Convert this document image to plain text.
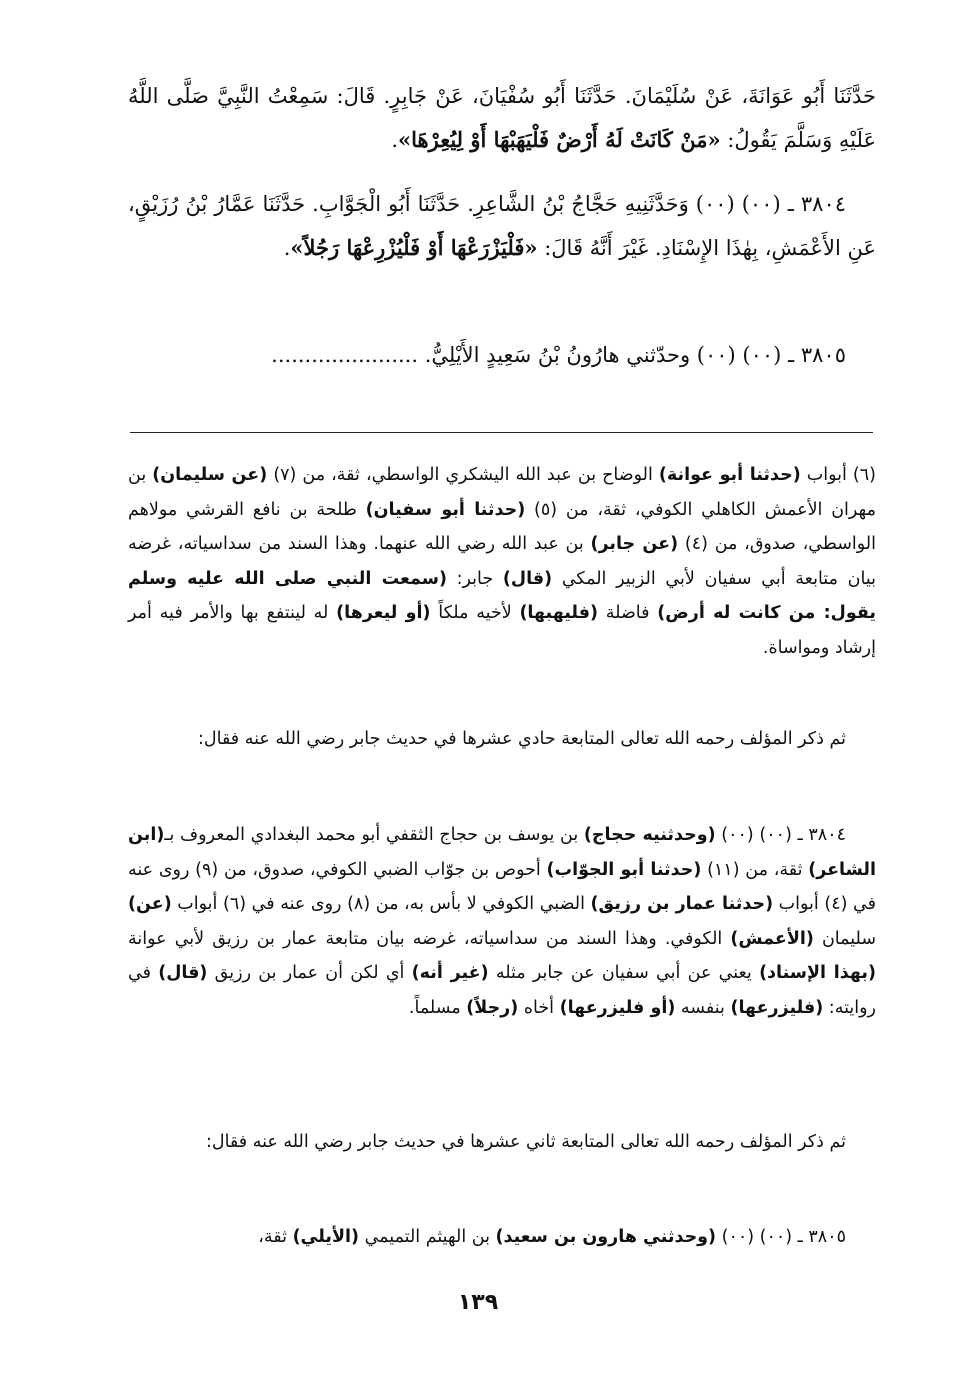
حَدَّثَنَا أَبُو عَوَانَةَ، عَنْ سُلَيْمَانَ. حَدَّثَنَا أَبُو سُفْيَانَ، عَنْ جَابِرٍ. قَالَ: سَمِعْتُ النَّبِيَّ صَلَّى اللَّهُ عَلَيْهِ وَسَلَّمَ يَقُولُ: «مَنْ كَانَتْ لَهُ أَرْضٌ فَلْيَهَبْهَا أَوْ لِيُعِرْهَا».
٣٨٠٤ ـ (٠٠) (٠٠) وَحَدَّثَنِيهِ حَجَّاجُ بْنُ الشَّاعِرِ. حَدَّثَنَا أَبُو الْجَوَّابِ. حَدَّثَنَا عَمَّارُ بْنُ رُزَيْقٍ، عَنِ الأَعْمَشِ، بِهٰذَا الإِسْنَادِ. غَيْرَ أَنَّهُ قَالَ: «فَلْيَزْرَعْهَا أَوْ فَلْيُزْرِعْهَا رَجُلاً».
٣٨٠٥ ـ (٠٠) (٠٠) وحدّثني هارُونُ بْنُ سَعِيدٍ الأَيْلِيُّ. ......................
(٦) أبواب (حدثنا أبو عوانة) الوضاح بن عبد الله اليشكري الواسطي، ثقة، من (٧) (عن سليمان) بن مهران الأعمش الكاهلي الكوفي، ثقة، من (٥) (حدثنا أبو سفيان) طلحة بن نافع القرشي مولاهم الواسطي، صدوق، من (٤) (عن جابر) بن عبد الله رضي الله عنهما. وهذا السند من سداسياته، غرضه بيان متابعة أبي سفيان لأبي الزبير المكي (قال) جابر: (سمعت النبي صلى الله عليه وسلم يقول: من كانت له أرض) فاضلة (فليهبها) لأخيه ملكاً (أو ليعرها) له لينتفع بها والأمر فيه أمر إرشاد ومواساة.
ثم ذكر المؤلف رحمه الله تعالى المتابعة حادي عشرها في حديث جابر رضي الله عنه فقال:
٣٨٠٤ ـ (٠٠) (٠٠) (وحدثنيه حجاج) بن يوسف بن حجاج الثقفي أبو محمد البغدادي المعروف بـ(ابن الشاعر) ثقة، من (١١) (حدثنا أبو الجوّاب) أحوص بن جوّاب الضبي الكوفي، صدوق، من (٩) روى عنه في (٤) أبواب (حدثنا عمار بن رزيق) الضبي الكوفي لا بأس به، من (٨) روى عنه في (٦) أبواب (عن) سليمان (الأعمش) الكوفي. وهذا السند من سداسياته، غرضه بيان متابعة عمار بن رزيق لأبي عوانة (بهذا الإسناد) يعني عن أبي سفيان عن جابر مثله (غير أنه) أي لكن أن عمار بن رزيق (قال) في روايته: (فليزرعها) بنفسه (أو فليزرعها) أخاه (رجلاً) مسلماً.
ثم ذكر المؤلف رحمه الله تعالى المتابعة ثاني عشرها في حديث جابر رضي الله عنه فقال:
٣٨٠٥ ـ (٠٠) (٠٠) (وحدثني هارون بن سعيد) بن الهيثم التميمي (الأيلي) ثقة،
١٣٩
